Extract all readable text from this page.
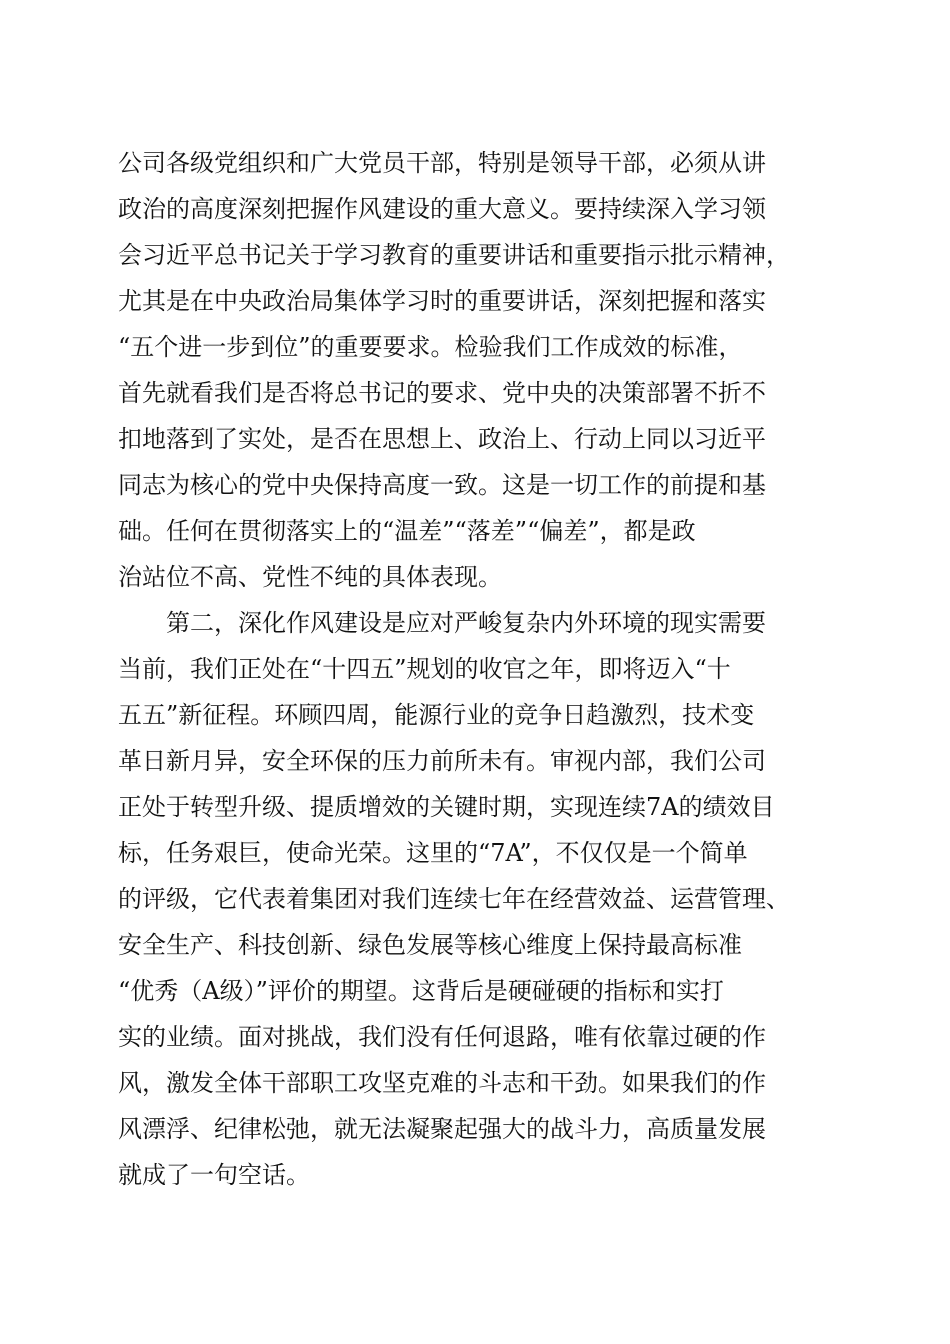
公司各级党组织和广大党员干部，特别是领导干部，必须从讲
政治的高度深刻把握作风建设的重大意义。要持续深入学习领
会习近平总书记关于学习教育的重要讲话和重要指示批示精神，
尤其是在中央政治局集体学习时的重要讲话，深刻把握和落实
“五个进一步到位”的重要要求。检验我们工作成效的标准，
首先就看我们是否将总书记的要求、党中央的决策部署不折不
扣地落到了实处，是否在思想上、政治上、行动上同以习近平
同志为核心的党中央保持高度一致。这是一切工作的前提和基
础。任何在贯彻落实上的“温差”“落差”“偏差”，都是政
治站位不高、党性不纯的具体表现。
第二，深化作风建设是应对严峻复杂内外环境的现实需要
当前，我们正处在“十四五”规划的收官之年，即将迈入“十
五五”新征程。环顾四周，能源行业的竞争日趋激烈，技术变
革日新月异，安全环保的压力前所未有。审视内部，我们公司
正处于转型升级、提质增效的关键时期，实现连续7A的绩效目
标，任务艰巨，使命光荣。这里的“7A”，不仅仅是一个简单
的评级，它代表着集团对我们连续七年在经营效益、运营管理、
安全生产、科技创新、绿色发展等核心维度上保持最高标准
“优秀（A级）”评价的期望。这背后是硬碰硬的指标和实打
实的业绩。面对挑战，我们没有任何退路，唯有依靠过硬的作
风，激发全体干部职工攻坚克难的斗志和干劲。如果我们的作
风漂浮、纪律松弛，就无法凝聚起强大的战斗力，高质量发展
就成了一句空话。
